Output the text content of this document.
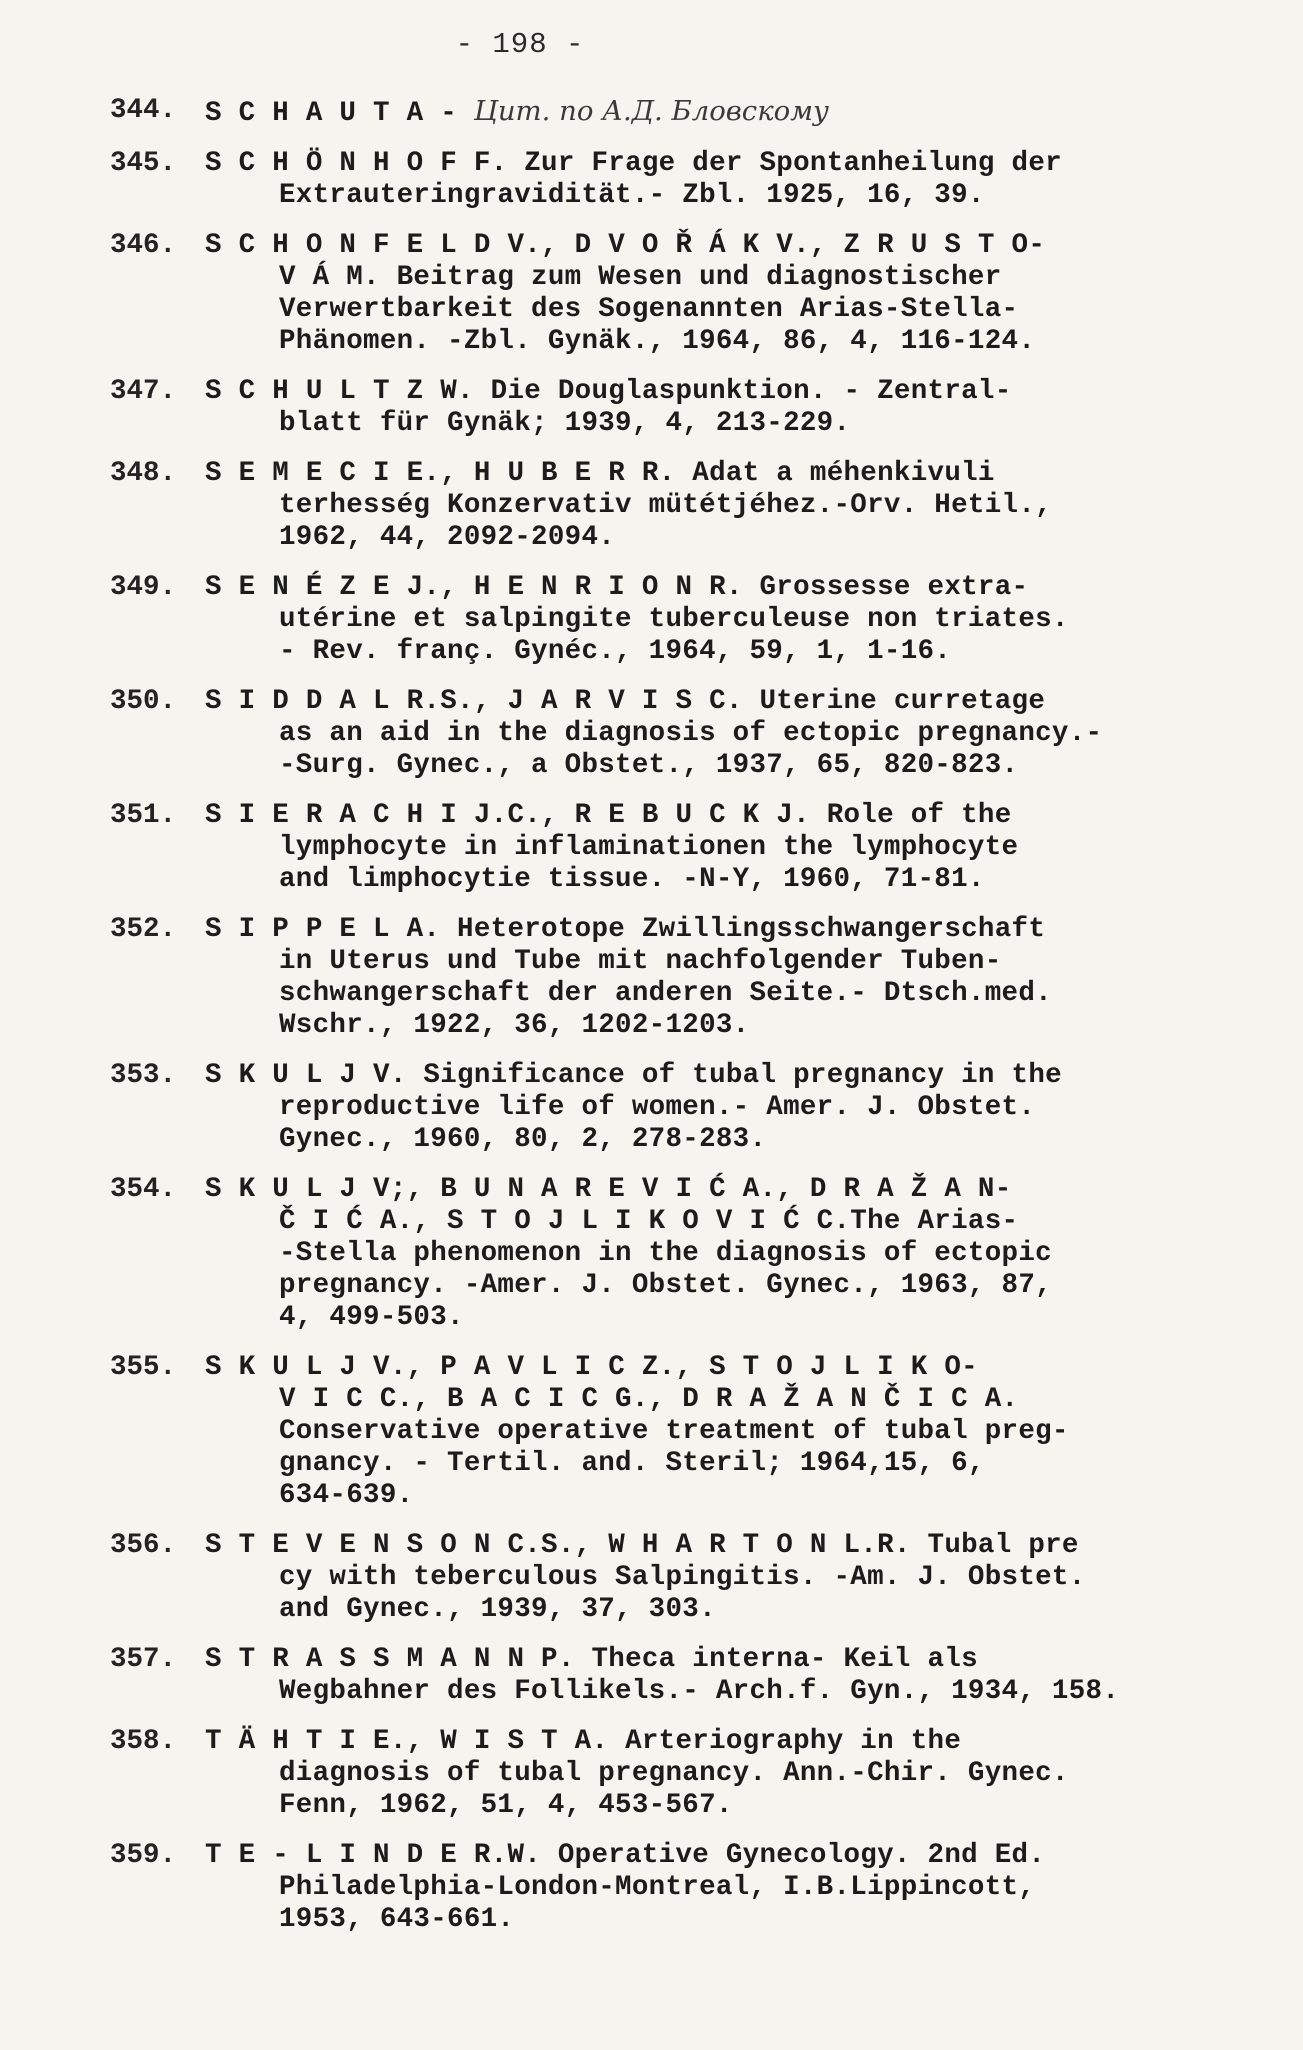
- 198 -
344.	S C H A U T A - Цит. по А.Д. Бловскому
345.	S C H Ö N H O F F. Zur Frage der Spontanheilung der
Extrauteringravidität.- Zbl. 1925, 16, 39.
346.	S C H O N F E L D V., D V O Ř Á K V., Z R U S T O-
V Á M. Beitrag zum Wesen und diagnostischer
Verwertbarkeit des Sogenannten Arias-Stella-
Phänomen. -Zbl. Gynäk., 1964, 86, 4, 116-124.
347.	S C H U L T Z W. Die Douglaspunktion. - Zentral-
blatt für Gynäk; 1939, 4, 213-229.
348.	S E M E C I E., H U B E R R. Adat a méhenkivuli
terhesség Konzervativ mütétjéhez.-Orv. Hetil.,
1962, 44, 2092-2094.
349.	S E N É Z E J., H E N R I O N R. Grossesse extra-
utérine et salpingite tuberculeuse non triates.
- Rev. franç. Gynéc., 1964, 59, 1, 1-16.
350.	S I D D A L R.S., J A R V I S C. Uterine curretage
as an aid in the diagnosis of ectopic pregnancy.-
-Surg. Gynec., a Obstet., 1937, 65, 820-823.
351.	S I E R A C H I J.C., R E B U C K J. Role of the
lymphocyte in inflaminationen the lymphocyte
and limphocytie tissue. -N-Y, 1960, 71-81.
352.	S I P P E L A. Heterotope Zwillingsschwangerschaft
in Uterus und Tube mit nachfolgender Tuben-
schwangerschaft der anderen Seite.- Dtsch.med.
Wschr., 1922, 36, 1202-1203.
353.	S K U L J V. Significance of tubal pregnancy in the
reproductive life of women.- Amer. J. Obstet.
Gynec., 1960, 80, 2, 278-283.
354.	S K U L J V;, B U N A R E V I Ć A., D R A Ž A N-
Č I Ć A., S T O J L I K O V I Ć C.The Arias-
-Stella phenomenon in the diagnosis of ectopic
pregnancy. -Amer. J. Obstet. Gynec., 1963, 87,
4, 499-503.
355.	S K U L J V., P A V L I C Z., S T O J L I K O-
V I C C., B A C I C G., D R A Ž A N Č I C A.
Conservative operative treatment of tubal preg-
gnancy. - Tertil. and. Steril; 1964,15, 6,
634-639.
356.	S T E V E N S O N C.S., W H A R T O N L.R. Tubal pre
cy with teberculous Salpingitis. -Am. J. Obstet.
and Gynec., 1939, 37, 303.
357.	S T R A S S M A N N P. Theca interna- Keil als
Wegbahner des Follikels.- Arch.f. Gyn., 1934, 158.
358.	T Ä H T I E., W I S T A. Arteriography in the
diagnosis of tubal pregnancy. Ann.-Chir. Gynec.
Fenn, 1962, 51, 4, 453-567.
359.	T E - L I N D E R.W. Operative Gynecology. 2nd Ed.
Philadelphia-London-Montreal, I.B.Lippincott,
1953, 643-661.
